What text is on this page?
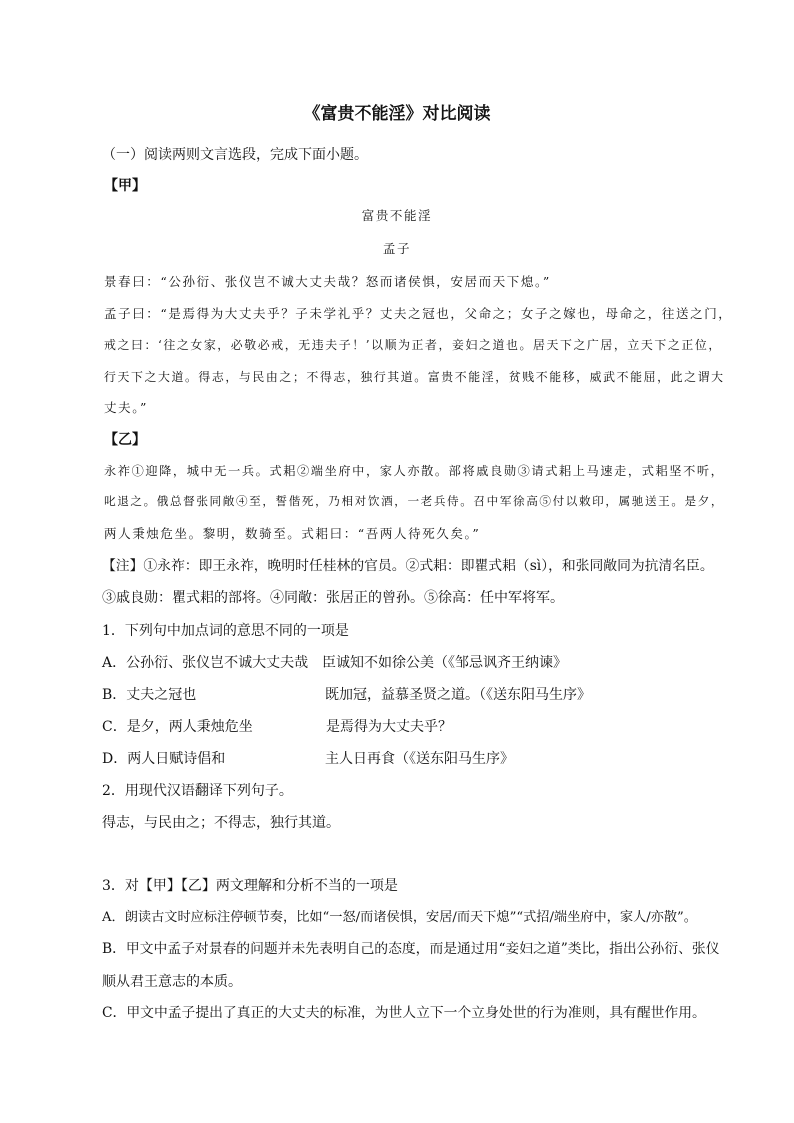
《富贵不能淫》对比阅读
（一）阅读两则文言选段，完成下面小题。
【甲】
富贵不能淫
孟子
景春曰：“公孙衍、张仪岂不诚大丈夫哉？怒而诸侯惧，安居而天下熄。”
孟子曰：“是焉得为大丈夫乎？子未学礼乎？丈夫之冠也，父命之；女子之嫁也，母命之，往送之门，
戒之曰：‘往之女家，必敬必戒，无违夫子！’以顺为正者，妾妇之道也。居天下之广居，立天下之正位，
行天下之大道。得志，与民由之；不得志，独行其道。富贵不能淫，贫贱不能移，威武不能屈，此之谓大
丈夫。”
【乙】
永祚①迎降，城中无一兵。式耜②端坐府中，家人亦散。部将戚良勋③请式耜上马速走，式耜坚不听，
叱退之。俄总督张同敞④至，誓偕死，乃相对饮酒，一老兵侍。召中军徐高⑤付以敕印，属驰送王。是夕，
两人秉烛危坐。黎明，数骑至。式耜曰：“吾两人待死久矣。”
【注】①永祚：即王永祚，晚明时任桂林的官员。②式耜：即瞿式耜（sì），和张同敞同为抗清名臣。
③戚良勋：瞿式耜的部将。④同敞：张居正的曾孙。⑤徐高：任中军将军。
1．下列句中加点词的意思不同的一项是
A．公孙衍、张仪岂不诚大丈夫哉 臣诚知不如徐公美（《邹忌讽齐王纳谏》
B．丈夫之冠也	既加冠，益慕圣贤之道。（《送东阳马生序》
C．是夕，两人秉烛危坐	是焉得为大丈夫乎？
D．两人日赋诗倡和	主人日再食（《送东阳马生序》
2．用现代汉语翻译下列句子。
得志，与民由之；不得志，独行其道。
3．对【甲】【乙】两文理解和分析不当的一项是
A．朗读古文时应标注停顿节奏，比如“一怒/而诸侯惧，安居/而天下熄”“式招/端坐府中，家人/亦散”。
B．甲文中孟子对景春的问题并未先表明自己的态度，而是通过用“妾妇之道”类比，指出公孙衍、张仪
顺从君王意志的本质。
C．甲文中孟子提出了真正的大丈夫的标准，为世人立下一个立身处世的行为准则，具有醒世作用。
